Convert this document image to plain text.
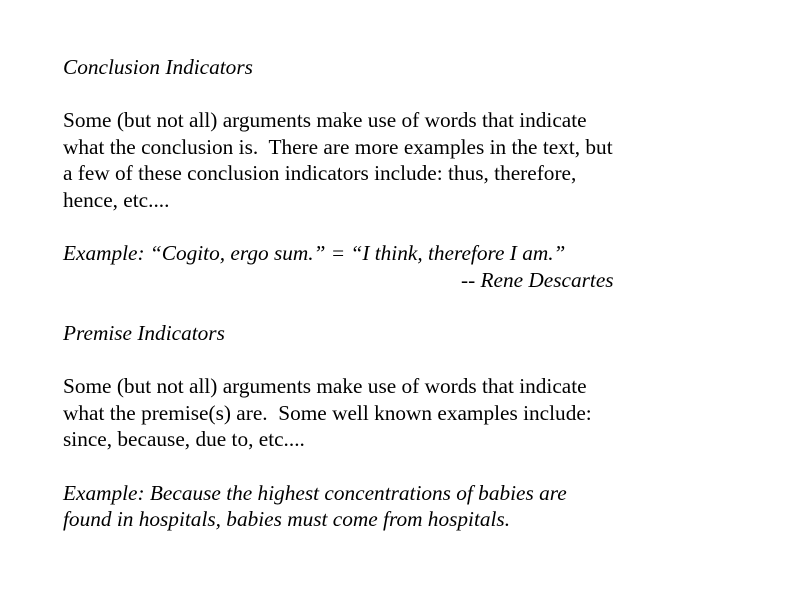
Conclusion Indicators
Some (but not all) arguments make use of words that indicate
what the conclusion is.  There are more examples in the text, but
a few of these conclusion indicators include: thus, therefore,
hence, etc....
Example: “Cogito, ergo sum.” = “I think, therefore I am.”
-- Rene Descartes
Premise Indicators
Some (but not all) arguments make use of words that indicate
what the premise(s) are.  Some well known examples include:
since, because, due to, etc....
Example: Because the highest concentrations of babies are
found in hospitals, babies must come from hospitals.
